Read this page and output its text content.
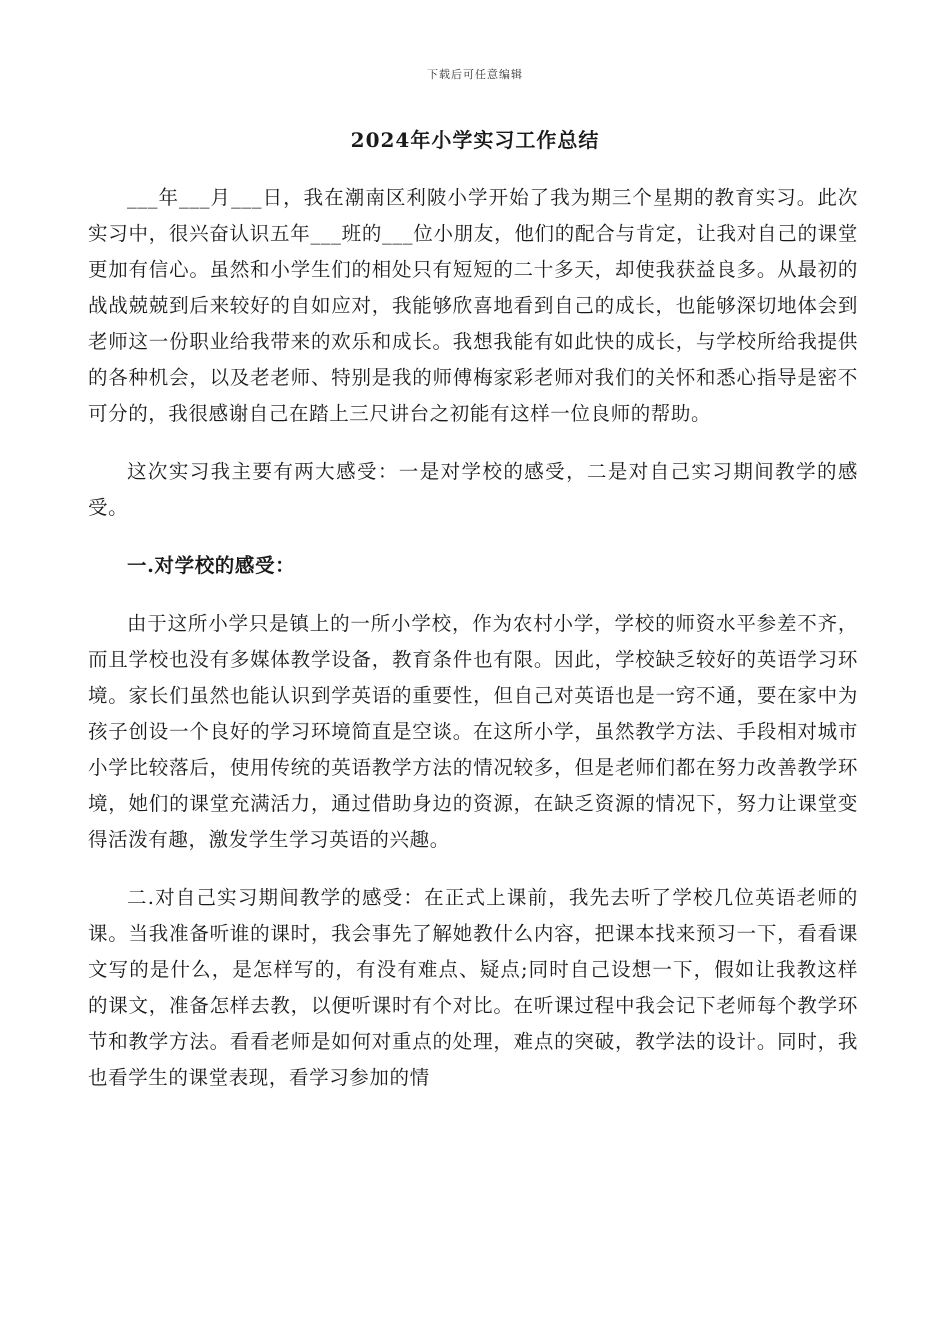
下载后可任意编辑
2024年小学实习工作总结

___年___月___日，我在潮南区利陂小学开始了我为期三个星期的教育实习。此次实习中，很兴奋认识五年___班的___位小朋友，他们的配合与肯定，让我对自己的课堂更加有信心。虽然和小学生们的相处只有短短的二十多天，却使我获益良多。从最初的战战兢兢到后来较好的自如应对，我能够欣喜地看到自己的成长，也能够深切地体会到老师这一份职业给我带来的欢乐和成长。我想我能有如此快的成长，与学校所给我提供的各种机会，以及老老师、特别是我的师傅梅家彩老师对我们的关怀和悉心指导是密不可分的，我很感谢自己在踏上三尺讲台之初能有这样一位良师的帮助。

这次实习我主要有两大感受：一是对学校的感受，二是对自己实习期间教学的感受。

一.对学校的感受：

由于这所小学只是镇上的一所小学校，作为农村小学，学校的师资水平参差不齐，而且学校也没有多媒体教学设备，教育条件也有限。因此，学校缺乏较好的英语学习环境。家长们虽然也能认识到学英语的重要性，但自己对英语也是一窍不通，要在家中为孩子创设一个良好的学习环境简直是空谈。在这所小学，虽然教学方法、手段相对城市小学比较落后，使用传统的英语教学方法的情况较多，但是老师们都在努力改善教学环境，她们的课堂充满活力，通过借助身边的资源，在缺乏资源的情况下，努力让课堂变得活泼有趣，激发学生学习英语的兴趣。

二.对自己实习期间教学的感受：在正式上课前，我先去听了学校几位英语老师的课。当我准备听谁的课时，我会事先了解她教什么内容，把课本找来预习一下，看看课文写的是什么，是怎样写的，有没有难点、疑点;同时自己设想一下，假如让我教这样的课文，准备怎样去教，以便听课时有个对比。在听课过程中我会记下老师每个教学环节和教学方法。看看老师是如何对重点的处理，难点的突破，教学法的设计。同时，我也看学生的课堂表现，看学习参加的情
